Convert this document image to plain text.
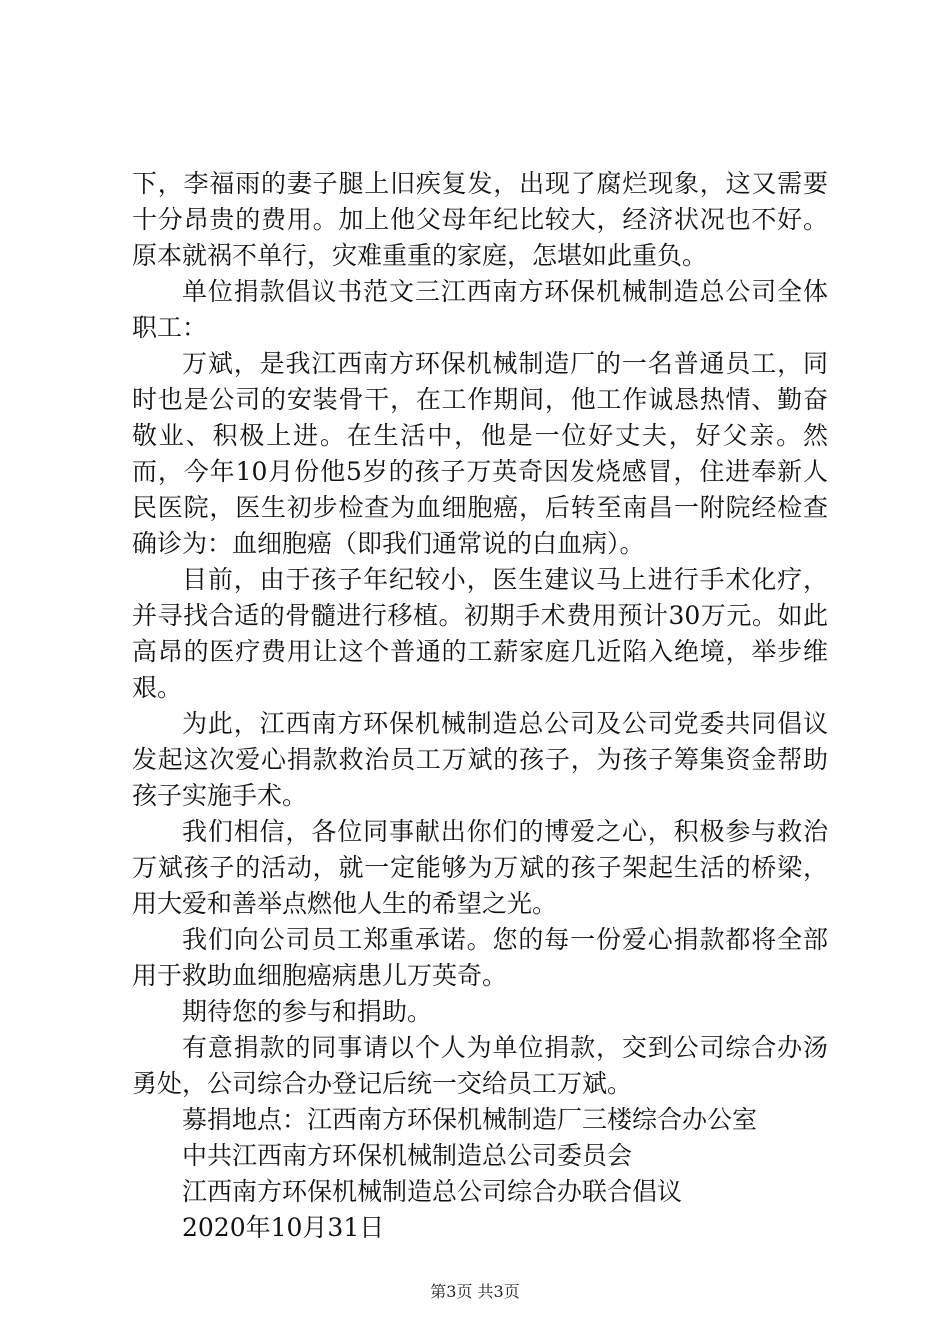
下，李福雨的妻子腿上旧疾复发，出现了腐烂现象，这又需要十分昂贵的费用。加上他父母年纪比较大，经济状况也不好。原本就祸不单行，灾难重重的家庭，怎堪如此重负。

单位捐款倡议书范文三江西南方环保机械制造总公司全体职工：

万斌，是我江西南方环保机械制造厂的一名普通员工，同时也是公司的安装骨干，在工作期间，他工作诚恳热情、勤奋敬业、积极上进。在生活中，他是一位好丈夫，好父亲。然而，今年10月份他5岁的孩子万英奇因发烧感冒，住进奉新人民医院，医生初步检查为血细胞癌，后转至南昌一附院经检查确诊为：血细胞癌（即我们通常说的白血病）。

目前，由于孩子年纪较小，医生建议马上进行手术化疗，并寻找合适的骨髓进行移植。初期手术费用预计30万元。如此高昂的医疗费用让这个普通的工薪家庭几近陷入绝境，举步维艰。

为此，江西南方环保机械制造总公司及公司党委共同倡议发起这次爱心捐款救治员工万斌的孩子，为孩子筹集资金帮助孩子实施手术。

我们相信，各位同事献出你们的博爱之心，积极参与救治万斌孩子的活动，就一定能够为万斌的孩子架起生活的桥梁，用大爱和善举点燃他人生的希望之光。

我们向公司员工郑重承诺。您的每一份爱心捐款都将全部用于救助血细胞癌病患儿万英奇。

期待您的参与和捐助。

有意捐款的同事请以个人为单位捐款，交到公司综合办汤勇处，公司综合办登记后统一交给员工万斌。

募捐地点：江西南方环保机械制造厂三楼综合办公室

中共江西南方环保机械制造总公司委员会

江西南方环保机械制造总公司综合办联合倡议

2020年10月31日

第3页 共3页
